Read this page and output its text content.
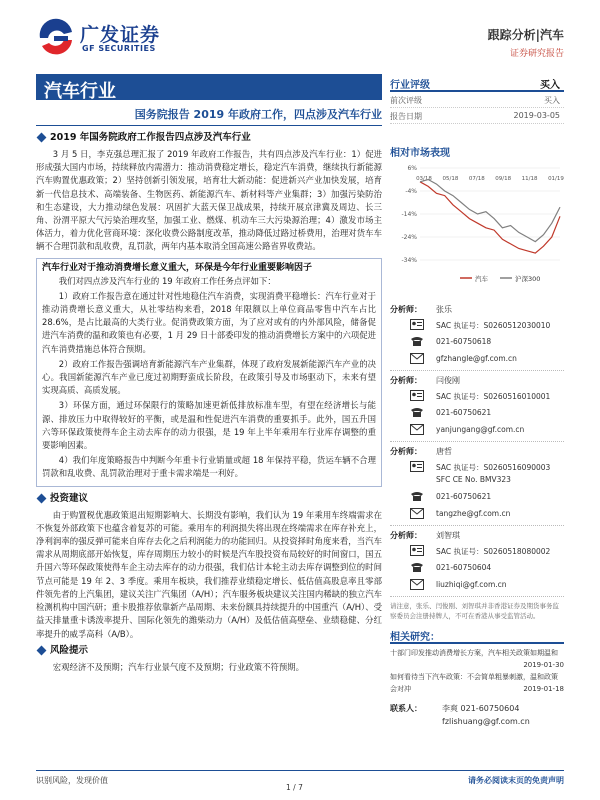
广发证券
GF SECURITIES
跟踪分析|汽车
证券研究报告
汽车行业
国务院报告 2019 年政府工作，四点涉及汽车行业
2019 年国务院政府工作报告四点涉及汽车行业

3 月 5 日，李克强总理汇报了 2019 年政府工作报告，共有四点涉及汽车行业：1）促进形成强大国内市场，持续释放内需潜力：推动消费稳定增长，稳定汽车消费，继续执行新能源汽车购置优惠政策；2）坚持创新引领发展，培育壮大新动能：促进新兴产业加快发展，培育新一代信息技术、高端装备、生物医药、新能源汽车、新材料等产业集群；3）加强污染防治和生态建设，大力推动绿色发展：巩固扩大蓝天保卫战成果，持续开展京津冀及周边、长三角、汾渭平原大气污染治理攻坚，加强工业、燃煤、机动车三大污染源治理；4）激发市场主体活力，着力优化营商环境：深化收费公路制度改革，推动降低过路过桥费用，治理对货车车辆不合理罚款和乱收费，乱罚款，两年内基本取消全国高速公路省界收费站。

汽车行业对于推动消费增长意义重大，环保是今年行业重要影响因子

我们对四点涉及汽车行业的 19 年政府工作任务点评如下：

1）政府工作报告意在通过针对性地稳住汽车消费，实现消费平稳增长：汽车行业对于推动消费增长意义重大，从社零结构来看，2018 年限额以上单位商品零售中汽车占比 28.6%，是占比最高的大类行业。促消费政策方面，为了应对或有的内外部风险，储备促进汽车消费的温和政策也有必要，1 月 29 日十部委印发的推动消费增长方案中的六项促进汽车消费措施总体符合预期。

2）政府工作报告强调培育新能源汽车产业集群，体现了政府发展新能源汽车产业的决心。我国新能源汽车产业已度过初期野蛮成长阶段，在政策引导及市场驱动下，未来有望实现高质、高质发展。

3）环保方面，通过环保限行的策略加速更新低排放标准车型，有望在经济增长与能源、排放压力中取得较好的平衡，或是温和性促进汽车消费的重要抓手。此外，国五升国六等环保政策使得车企主动去库存的动力很强，是 19 年上半年乘用车行业库存调整的重要影响因素。

4）我们年度策略报告中判断今年重卡行业销量或超 18 年保持平稳，货运车辆不合理罚款和乱收费、乱罚款治理对于重卡需求端是一利好。

投资建议

由于购置税优惠政策退出短期影响大、长期没有影响，我们认为 19 年乘用车终端需求在不恢复外部政策下也蕴含着复苏的可能。乘用车的利润损失将出现在终端需求在库存补充上，净利润率的强反弹可能来自库存去化之后利润能力的功能回归。从投资择时角度来看，当汽车需求从周期底部开始恢复，库存周期压力较小的时候是汽车股投资布局较好的时间窗口，国五升国六等环保政策使得车企主动去库存的动力很强，我们估计本轮主动去库存调整到位的时间节点可能是 19 年 2、3 季度。乘用车板块，我们推荐业绩稳定增长、低估值高股息率且零部件领先者的上汽集团，建议关注广汽集团（A/H）；汽车服务板块建议关注国内稀缺的独立汽车检测机构中国汽研；重卡股推荐依靠新产品周期、未来份额具持续提升的中国重汽（A/H）、受益天排量重卡诱泼率提升、国际化领先的潍柴动力（A/H）及低估值高壁垒、业绩稳健、分红率提升的威孚高科（A/B）。

风险提示

宏观经济不及预期；汽车行业景气度不及预期；行业政策不符预期。

行业评级	买入
前次评级	买入
报告日期	2019-03-05
相对市场表现
6%
-4%
-14%
-24%
-34%
03/18 05/18 07/18 09/18 11/18 01/19
汽车	沪深300
分析师： 张乐
SAC 执证号：S0260512030010
021-60750618
gfzhangle@gf.com.cn
分析师： 闫俊刚
SAC 执证号：S0260516010001
021-60750621
yanjungang@gf.com.cn
分析师： 唐哲
SAC 执证号：S0260516090003
SFC CE No. BMV323
021-60750621
tangzhe@gf.com.cn
分析师： 刘智琪
SAC 执证号：S0260518080002
021-60750604
liuzhiqi@gf.com.cn

请注意，张乐、闫俊刚、刘智琪并非香港证券及期货事务监察委员会注册持牌人，不可在香港从事受监管活动。

相关研究：
十部门印发推动消费增长方案，汽车相关政策如期温和
2019-01-30
如何看待当下汽车政策：不会简单粗暴刺激，温和政策会对冲	2019-01-18
联系人：	李爽 021-60750604
fzlishuang@gf.com.cn
识别风险，发现价值
1 / 7
请务必阅读末页的免责声明
